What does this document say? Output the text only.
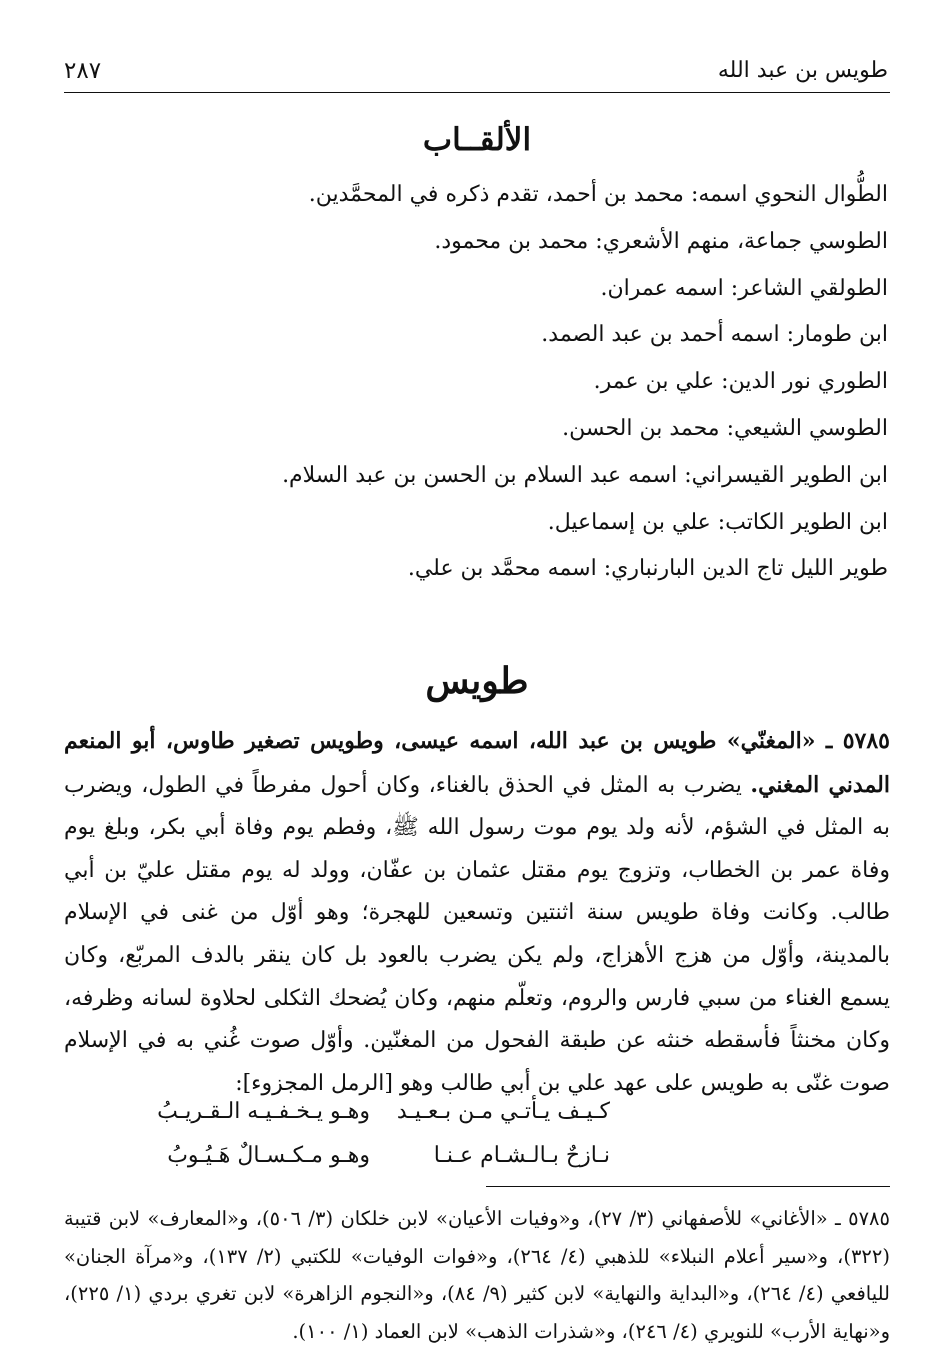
طويس بن عبد الله
٢٨٧
الألقــاب
الطُّوال النحوي اسمه: محمد بن أحمد، تقدم ذكره في المحمَّدين.
الطوسي جماعة، منهم الأشعري: محمد بن محمود.
الطولقي الشاعر: اسمه عمران.
ابن طومار: اسمه أحمد بن عبد الصمد.
الطوري نور الدين: علي بن عمر.
الطوسي الشيعي: محمد بن الحسن.
ابن الطوير القيسراني: اسمه عبد السلام بن الحسن بن عبد السلام.
ابن الطوير الكاتب: علي بن إسماعيل.
طوير الليل تاج الدين البارنباري: اسمه محمَّد بن علي.
طويس

٥٧٨٥ ـ «المغنّي» طويس بن عبد الله، اسمه عيسى، وطويس تصغير طاوس، أبو المنعم المدني المغني. يضرب به المثل في الحذق بالغناء، وكان أحول مفرطاً في الطول، ويضرب به المثل في الشؤم، لأنه ولد يوم موت رسول الله ﷺ، وفطم يوم وفاة أبي بكر، وبلغ يوم وفاة عمر بن الخطاب، وتزوج يوم مقتل عثمان بن عفّان، وولد له يوم مقتل عليّ بن أبي طالب. وكانت وفاة طويس سنة اثنتين وتسعين للهجرة؛ وهو أوّل من غنى في الإسلام بالمدينة، وأوّل من هزج الأهزاج، ولم يكن يضرب بالعود بل كان ينقر بالدف المربّع، وكان يسمع الغناء من سبي فارس والروم، وتعلّم منهم، وكان يُضحك الثكلى لحلاوة لسانه وظرفه، وكان مخنثاً فأسقطه خنثه عن طبقة الفحول من المغنّين. وأوّل صوت غُني به في الإسلام صوت غنّى به طويس على عهد علي بن أبي طالب وهو [الرمل المجزوء]:

كـيـف يـأتـي مـن بـعـيـد
وهـو يـخـفـيـه الـقـريـبُ
نـازحٌ بـالـشـام عـنـا
وهـو مـكـسـالٌ هَـيُـوبُ

٥٧٨٥ ـ «الأغاني» للأصفهاني (٣/ ٢٧)، و«وفيات الأعيان» لابن خلكان (٣/ ٥٠٦)، و«المعارف» لابن قتيبة (٣٢٢)، و«سير أعلام النبلاء» للذهبي (٤/ ٢٦٤)، و«فوات الوفيات» للكتبي (٢/ ١٣٧)، و«مرآة الجنان» لليافعي (٤/ ٢٦٤)، و«البداية والنهاية» لابن كثير (٩/ ٨٤)، و«النجوم الزاهرة» لابن تغري بردي (١/ ٢٢٥)، و«نهاية الأرب» للنويري (٤/ ٢٤٦)، و«شذرات الذهب» لابن العماد (١/ ١٠٠).
